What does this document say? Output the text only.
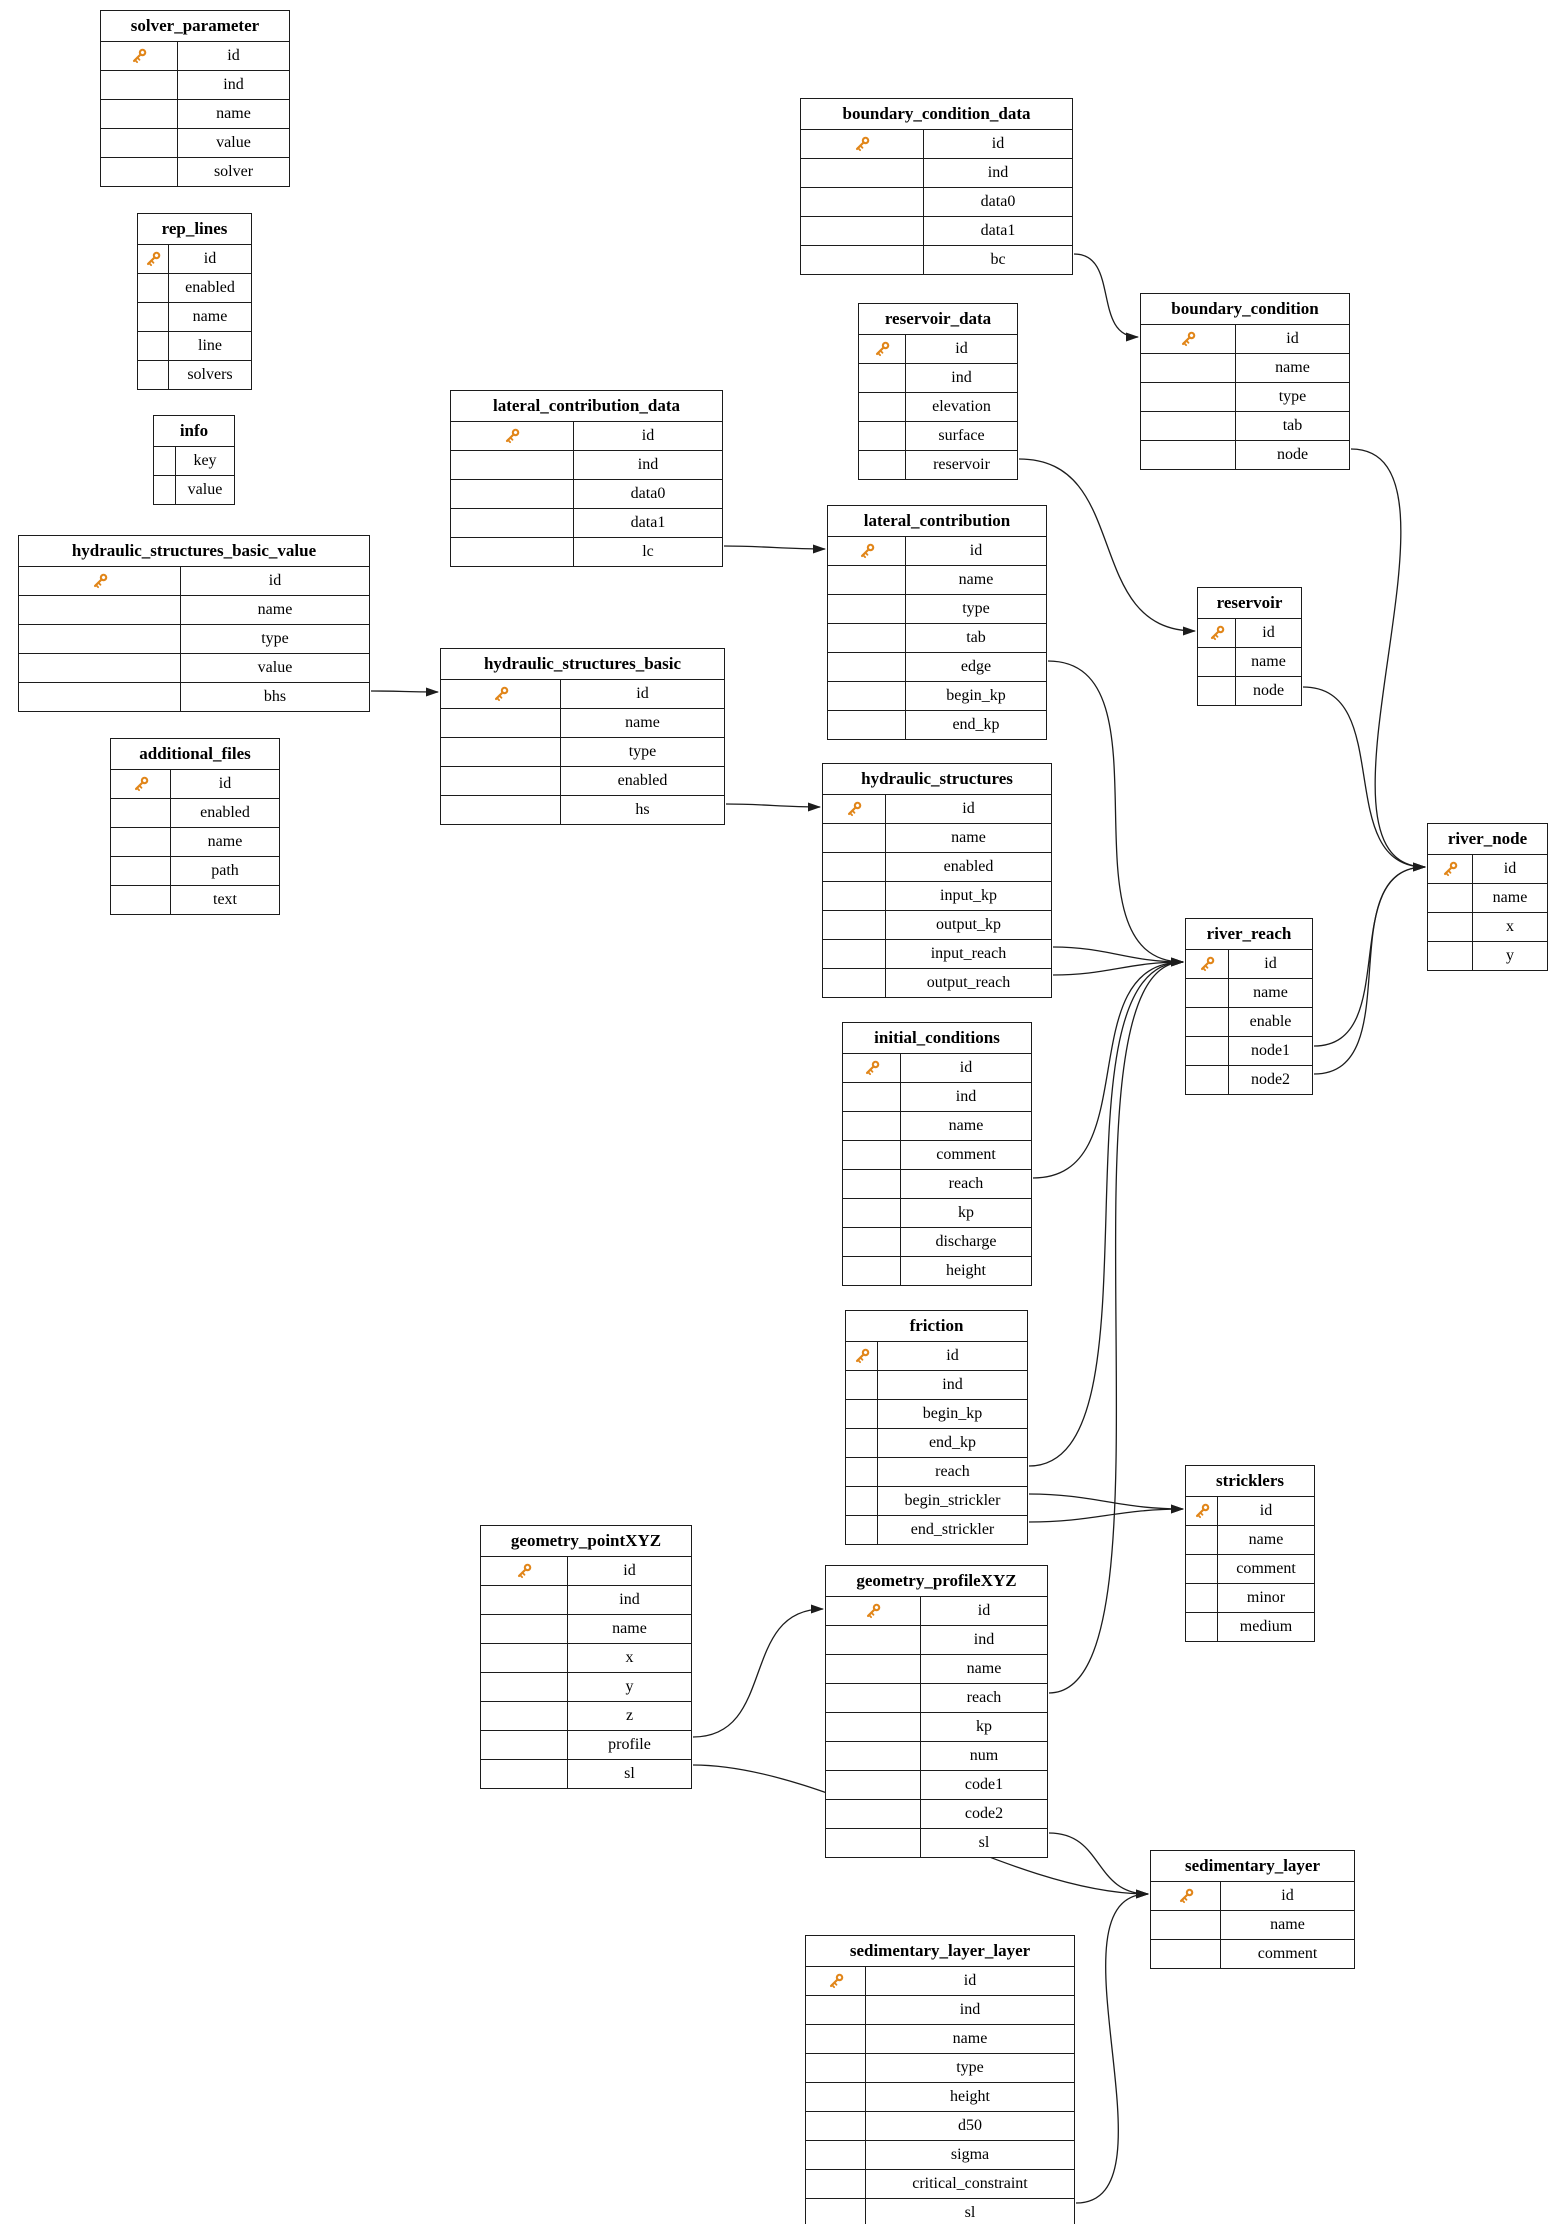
solver_parameter
id
ind
name
value
solver
rep_lines
id
enabled
name
line
solvers
info
key
value
hydraulic_structures_basic_value
id
name
type
value
bhs
additional_files
id
enabled
name
path
text
lateral_contribution_data
id
ind
data0
data1
lc
hydraulic_structures_basic
id
name
type
enabled
hs
boundary_condition_data
id
ind
data0
data1
bc
reservoir_data
id
ind
elevation
surface
reservoir
boundary_condition
id
name
type
tab
node
lateral_contribution
id
name
type
tab
edge
begin_kp
end_kp
hydraulic_structures
id
name
enabled
input_kp
output_kp
input_reach
output_reach
reservoir
id
name
node
river_reach
id
name
enable
node1
node2
river_node
id
name
x
y
initial_conditions
id
ind
name
comment
reach
kp
discharge
height
friction
id
ind
begin_kp
end_kp
reach
begin_strickler
end_strickler
stricklers
id
name
comment
minor
medium
geometry_pointXYZ
id
ind
name
x
y
z
profile
sl
geometry_profileXYZ
id
ind
name
reach
kp
num
code1
code2
sl
sedimentary_layer
id
name
comment
sedimentary_layer_layer
id
ind
name
type
height
d50
sigma
critical_constraint
sl
